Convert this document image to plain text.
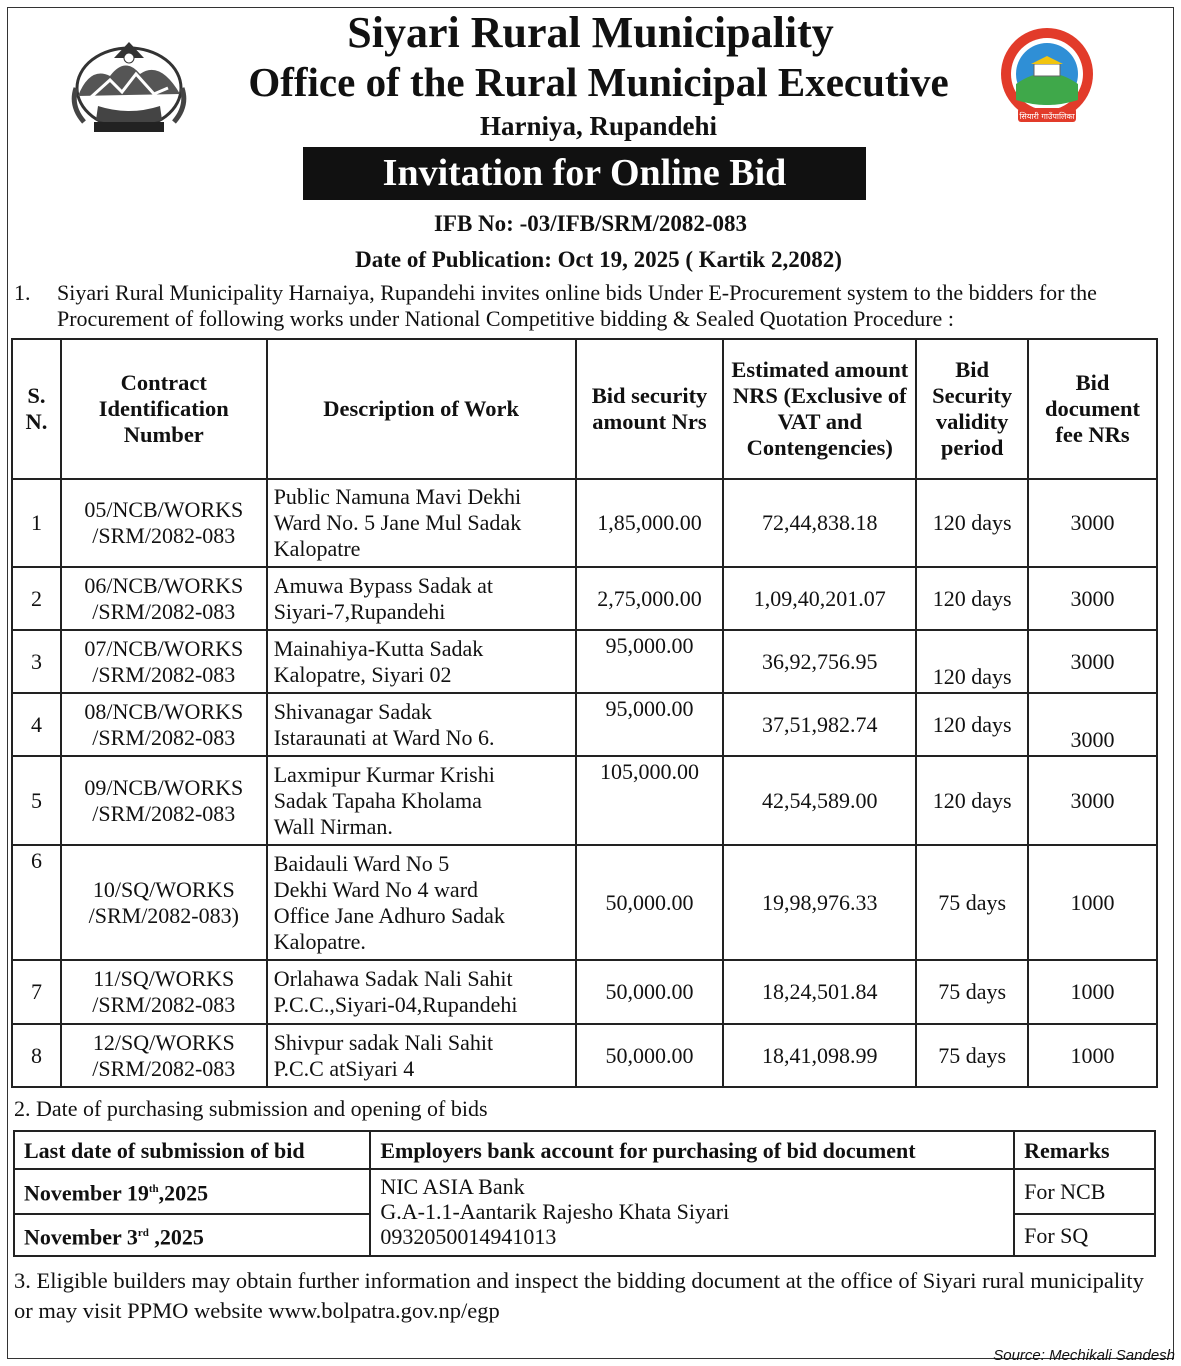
सियारी गाउँपालिका
Siyari Rural Municipality
Office of the Rural Municipal Executive
Harniya, Rupandehi
Invitation for Online Bid
IFB No: -03/IFB/SRM/2082-083
Date of Publication: Oct 19, 2025 ( Kartik 2,2082)
1. Siyari Rural Municipality Harnaiya, Rupandehi invites online bids Under E-Procurement system to the bidders for the Procurement of following works under National Competitive bidding & Sealed Quotation Procedure :
S. N.	Contract Identification Number	Description of Work	Bid security amount Nrs	Estimated amount NRS (Exclusive of VAT and Contengencies)	Bid Security validity period	Bid document fee NRs
1	05/NCB/WORKS
/SRM/2082-083	Public Namuna Mavi Dekhi
Ward No. 5 Jane Mul Sadak
Kalopatre	1,85,000.00	72,44,838.18	120 days	3000
2	06/NCB/WORKS
/SRM/2082-083	Amuwa Bypass Sadak at
Siyari-7,Rupandehi	2,75,000.00	1,09,40,201.07	120 days	3000
3	07/NCB/WORKS
/SRM/2082-083	Mainahiya-Kutta Sadak
Kalopatre, Siyari 02	95,000.00	36,92,756.95	120 days	3000
4	08/NCB/WORKS
/SRM/2082-083	Shivanagar Sadak
Istaraunati at Ward No 6.	95,000.00	37,51,982.74	120 days	3000
5	09/NCB/WORKS
/SRM/2082-083	Laxmipur Kurmar Krishi
Sadak Tapaha Kholama
Wall Nirman.	105,000.00	42,54,589.00	120 days	3000
6	10/SQ/WORKS
/SRM/2082-083)	Baidauli Ward No 5
Dekhi Ward No 4 ward
Office Jane Adhuro Sadak
Kalopatre.	50,000.00	19,98,976.33	75 days	1000
7	11/SQ/WORKS
/SRM/2082-083	Orlahawa Sadak Nali Sahit
P.C.C.,Siyari-04,Rupandehi	50,000.00	18,24,501.84	75 days	1000
8	12/SQ/WORKS
/SRM/2082-083	Shivpur sadak Nali Sahit
P.C.C atSiyari 4	50,000.00	18,41,098.99	75 days	1000
2. Date of purchasing submission and opening of bids
Last date of submission of bid	Employers bank account for purchasing of bid document	Remarks
November 19th,2025	NIC ASIA Bank
G.A-1.1-Aantarik Rajesho Khata Siyari
0932050014941013	For NCB
November 3rd ,2025		For SQ
3. Eligible builders may obtain further information and inspect the bidding document at the office of Siyari rural municipality or may visit PPMO website www.bolpatra.gov.np/egp
Source: Mechikali Sandesh
